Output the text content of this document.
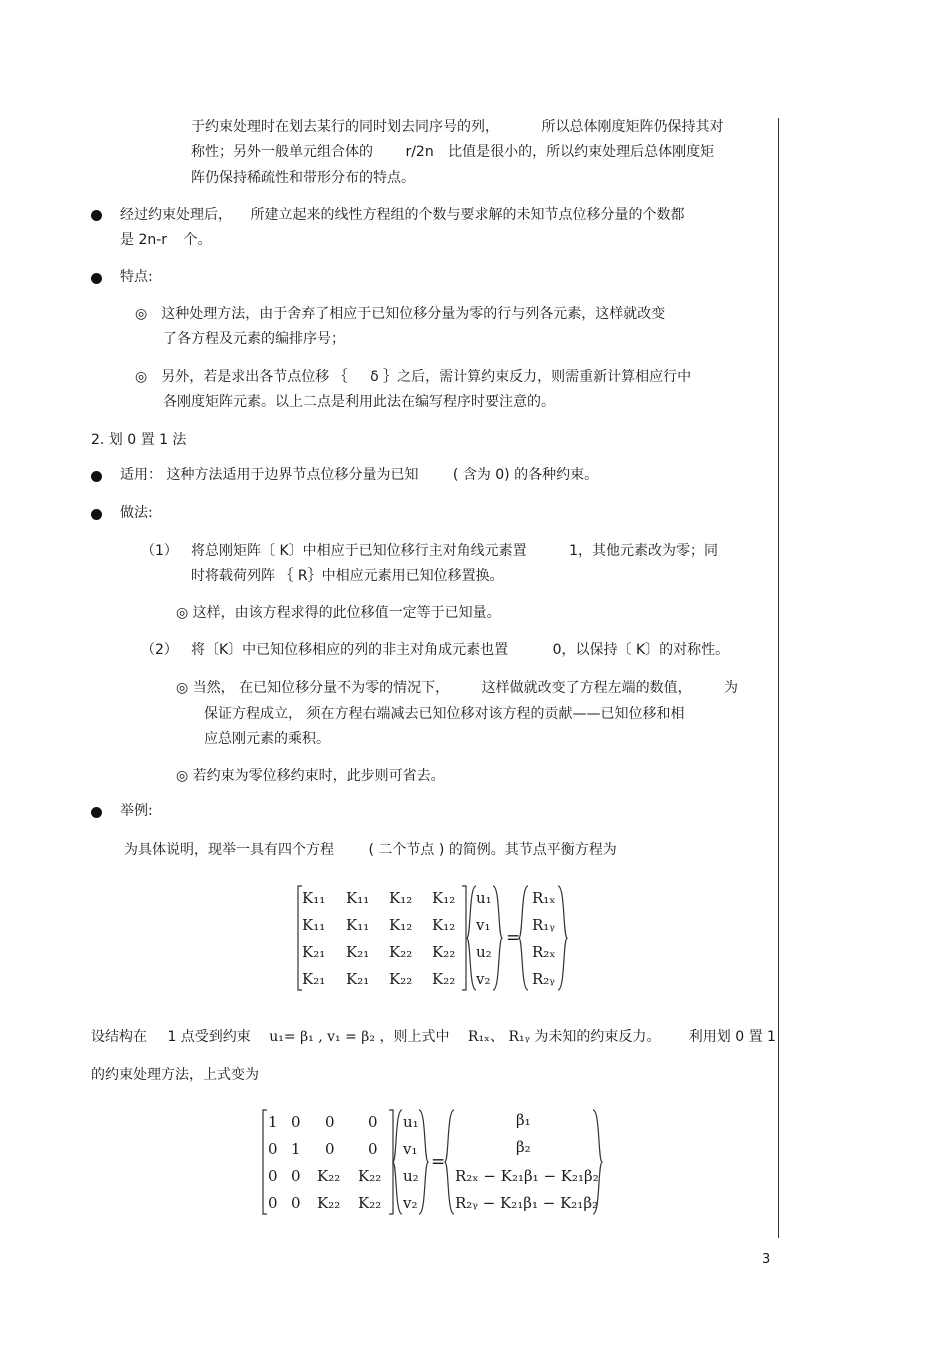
于约束处理时在划去某行的同时划去同序号的列，	所以总体刚度矩阵仍保持其对
称性；另外一般单元组合体的 r/2n 比值是很小的，所以约束处理后总体刚度矩
阵仍保持稀疏性和带形分布的特点。
经过约束处理后， 所建立起来的线性方程组的个数与要求解的未知节点位移分量的个数都
是 2n-r 个。
特点:
◎　这种处理方法，由于舍弃了相应于已知位移分量为零的行与列各元素，这样就改变
了各方程及元素的编排序号；
◎　另外，若是求出各节点位移 ｛ δ ｝之后，需计算约束反力，则需重新计算相应行中
各刚度矩阵元素。以上二点是利用此法在编写程序时要注意的。
2. 划 0 置 1 法
适用： 这种方法适用于边界节点位移分量为已知 ( 含为 0) 的各种约束。
做法:
（1） 将总刚矩阵〔 K〕中相应于已知位移行主对角线元素置	1，其他元素改为零；同
时将载荷列阵 ｛ R｝中相应元素用已知位移置换。
◎ 这样，由该方程求得的此位移值一定等于已知量。
（2） 将〔K〕中已知位移相应的列的非主对角成元素也置	0，以保持〔 K〕的对称性。
◎ 当然， 在已知位移分量不为零的情况下， 这样做就改变了方程左端的数值， 为
保证方程成立， 须在方程右端减去已知位移对该方程的贡献——已知位移和相
应总刚元素的乘积。
◎ 若约束为零位移约束时，此步则可省去。
举例:
为具体说明，现举一具有四个方程 ( 二个节点 ) 的简例。其节点平衡方程为
K₁₁ K₁₁ K₁₂ K₁₂
K₁₁ K₁₁ K₁₂ K₁₂
K₂₁ K₂₁ K₂₂ K₂₂
K₂₁ K₂₁ K₂₂ K₂₂
u₁
v₁
u₂
v₂
=
R₁ₓ
R₁ᵧ
R₂ₓ
R₂ᵧ
设结构在 1 点受到约束 u₁= β₁ , v₁ = β₂ ，则上式中 R₁ₓ、 R₁ᵧ 为未知的约束反力。 利用划 0 置 1
的约束处理方法，上式变为
1 0 0 0
0 1 0 0
0 0 K₂₂ K₂₂
0 0 K₂₂ K₂₂
u₁
v₁
u₂
v₂
=
β₁
β₂
R₂ₓ − K₂₁β₁ − K₂₁β₂
R₂ᵧ − K₂₁β₁ − K₂₁β₂
3
